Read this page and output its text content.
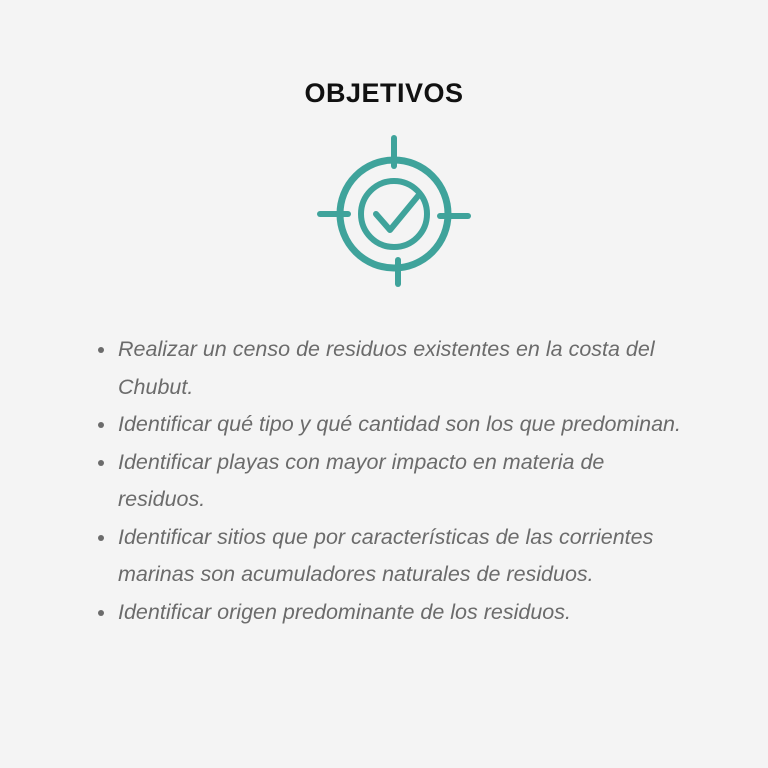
OBJETIVOS
Realizar un censo de residuos existentes en la costa del Chubut.
Identificar qué tipo y qué cantidad son los que predominan.
Identificar playas con mayor impacto en materia de residuos.
Identificar sitios que por características de las corrientes marinas son acumuladores naturales de residuos.
Identificar origen predominante de los residuos.
